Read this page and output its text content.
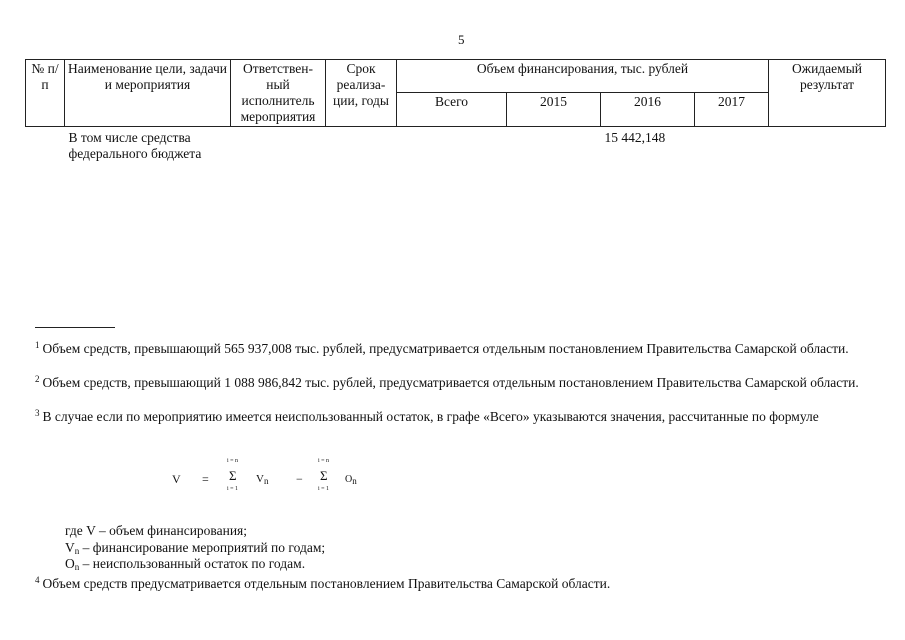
5
№ п/п	Наименование цели, задачи и мероприятия	Ответствен-ный исполнитель мероприятия	Срок реализа-ции, годы	Объем финансирования, тыс. рублей				Ожидаемый результат
				Всего	2015	2016	2017	
	В том числе средства федерального бюджета					15 442,148		
$^1$ Объем средств, превышающий 565 937,008 тыс. рублей, предусматривается отдельным постановлением Правительства Самарской области.
$^2$ Объем средств, превышающий 1 088 986,842 тыс. рублей, предусматривается отдельным постановлением Правительства Самарской области.
$^3$ В случае если по мероприятию имеется неиспользованный остаток, в графе «Всего» указываются значения, рассчитанные по формуле
V =
i = n
Σ
i = 1
$V_n$ −
i = n
Σ
i = 1
$O_n$
где V – объем финансирования;
$V_n$ – финансирование мероприятий по годам;
$O_n$ – неиспользованный остаток по годам.
$^4$ Объем средств предусматривается отдельным постановлением Правительства Самарской области.
